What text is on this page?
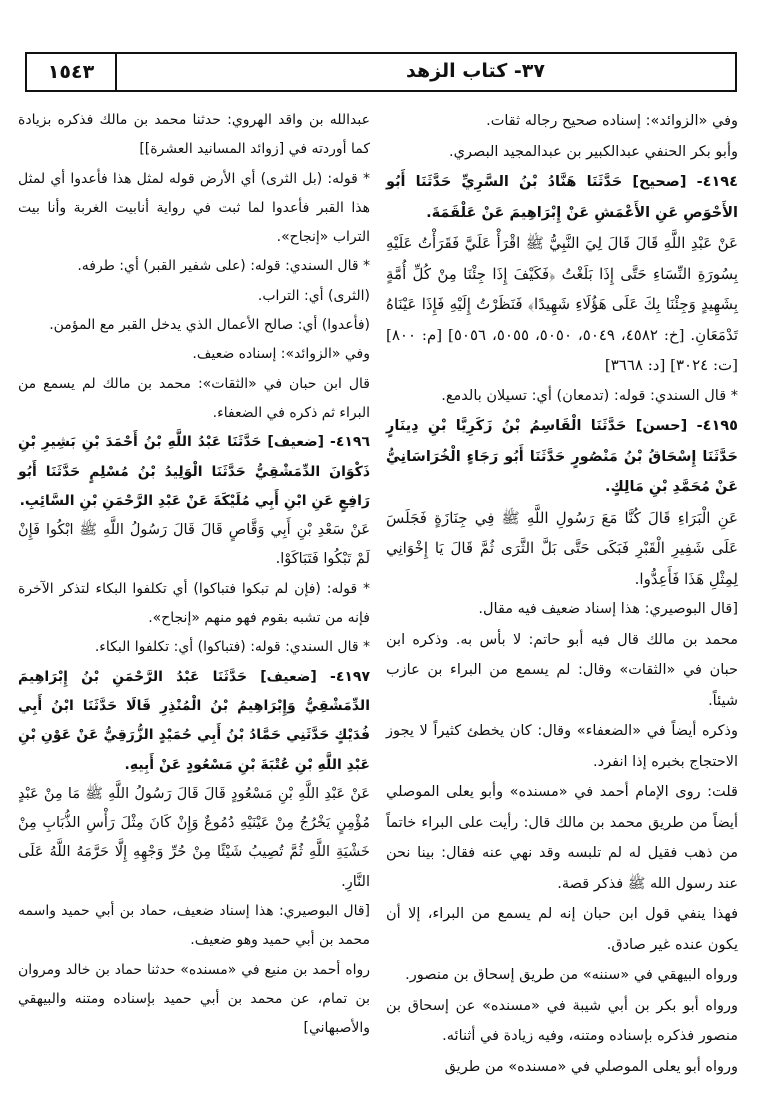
٣٧- كتاب الزهد
١٥٤٣

وفي «الزوائد»: إسناده صحيح رجاله ثقات.

وأبو بكر الحنفي عبدالكبير بن عبدالمجيد البصري.

٤١٩٤- [صحيح] حَدَّثَنَا هَنَّادُ بْنُ السَّرِيِّ حَدَّثَنَا أَبُو الأَحْوَصِ عَنِ الأَعْمَشِ عَنْ إِبْرَاهِيمَ عَنْ عَلْقَمَةَ.

عَنْ عَبْدِ اللَّهِ قَالَ قَالَ لِيَ النَّبِيُّ ﷺ اقْرَأْ عَلَيَّ فَقَرَأْتُ عَلَيْهِ بِسُورَةِ النِّسَاءِ حَتَّى إِذَا بَلَغْتُ ﴿فَكَيْفَ إِذَا جِئْنَا مِنْ كُلِّ أُمَّةٍ بِشَهِيدٍ وَجِئْنَا بِكَ عَلَى هَؤُلَاءِ شَهِيدًا﴾ فَنَظَرْتُ إِلَيْهِ فَإِذَا عَيْنَاهُ تَدْمَعَانِ. [خ: ٤٥٨٢، ٥٠٤٩، ٥٠٥٠، ٥٠٥٥، ٥٠٥٦] [م: ٨٠٠] [ت: ٣٠٢٤] [د: ٣٦٦٨]

* قال السندي: قوله: (تدمعان) أي: تسيلان بالدمع.

٤١٩٥- [حسن] حَدَّثَنَا الْقَاسِمُ بْنُ زَكَرِيَّا بْنِ دِينَارٍ حَدَّثَنَا إِسْحَاقُ بْنُ مَنْصُورٍ حَدَّثَنَا أَبُو رَجَاءٍ الْخُرَاسَانِيُّ عَنْ مُحَمَّدِ بْنِ مَالِكٍ.

عَنِ الْبَرَاءِ قَالَ كُنَّا مَعَ رَسُولِ اللَّهِ ﷺ فِي جِنَازَةٍ فَجَلَسَ عَلَى شَفِيرِ الْقَبْرِ فَبَكَى حَتَّى بَلَّ الثَّرَى ثُمَّ قَالَ يَا إِخْوَانِي لِمِثْلِ هَذَا فَأَعِدُّوا.

[قال البوصيري: هذا إسناد ضعيف فيه مقال.

محمد بن مالك قال فيه أبو حاتم: لا بأس به. وذكره ابن حبان في «الثقات» وقال: لم يسمع من البراء بن عازب شيئاً.

وذكره أيضاً في «الضعفاء» وقال: كان يخطئ كثيراً لا يجوز الاحتجاج بخبره إذا انفرد.

قلت: روى الإمام أحمد في «مسنده» وأبو يعلى الموصلي أيضاً من طريق محمد بن مالك قال: رأيت على البراء خاتماً من ذهب فقيل له لم تلبسه وقد نهي عنه فقال: بينا نحن عند رسول الله ﷺ فذكر قصة.

فهذا ينفي قول ابن حبان إنه لم يسمع من البراء، إلا أن يكون عنده غير صادق.

ورواه البيهقي في «سننه» من طريق إسحاق بن منصور.

ورواه أبو بكر بن أبي شيبة في «مسنده» عن إسحاق بن منصور فذكره بإسناده ومتنه، وفيه زيادة في أثنائه.

ورواه أبو يعلى الموصلي في «مسنده» من طريق

عبدالله بن واقد الهروي: حدثنا محمد بن مالك فذكره بزيادة كما أوردته في [زوائد المسانيد العشرة]]

* قوله: (بل الثرى) أي الأرض قوله لمثل هذا فأعدوا أي لمثل هذا القبر فأعدوا لما ثبت في رواية أنابيت الغربة وأنا بيت التراب «إنجاح».

* قال السندي: قوله: (على شفير القبر) أي: طرفه.

(الثرى) أي: التراب.

(فأعدوا) أي: صالح الأعمال الذي يدخل القبر مع المؤمن.

وفي «الزوائد»: إسناده ضعيف.

قال ابن حبان في «الثقات»: محمد بن مالك لم يسمع من البراء ثم ذكره في الضعفاء.

٤١٩٦- [ضعيف] حَدَّثَنَا عَبْدُ اللَّهِ بْنُ أَحْمَدَ بْنِ بَشِيرِ بْنِ ذَكْوَانَ الدِّمَشْقِيُّ حَدَّثَنَا الْوَلِيدُ بْنُ مُسْلِمٍ حَدَّثَنَا أَبُو رَافِعٍ عَنِ ابْنِ أَبِي مُلَيْكَةَ عَنْ عَبْدِ الرَّحْمَنِ بْنِ السَّائِبِ.

عَنْ سَعْدِ بْنِ أَبِي وَقَّاصٍ قَالَ قَالَ رَسُولُ اللَّهِ ﷺ ابْكُوا فَإِنْ لَمْ تَبْكُوا فَتَبَاكَوْا.

* قوله: (فإن لم تبكوا فتباكوا) أي تكلفوا البكاء لتذكر الآخرة فإنه من تشبه بقوم فهو منهم «إنجاح».

* قال السندي: قوله: (فتباكوا) أي: تكلفوا البكاء.

٤١٩٧- [ضعيف] حَدَّثَنَا عَبْدُ الرَّحْمَنِ بْنُ إِبْرَاهِيمَ الدِّمَشْقِيُّ وَإِبْرَاهِيمُ بْنُ الْمُنْذِرِ قَالَا حَدَّثَنَا ابْنُ أَبِي فُدَيْكٍ حَدَّثَنِي حَمَّادُ بْنُ أَبِي حُمَيْدٍ الزُّرَقِيُّ عَنْ عَوْنِ بْنِ عَبْدِ اللَّهِ بْنِ عُتْبَةَ بْنِ مَسْعُودٍ عَنْ أَبِيهِ.

عَنْ عَبْدِ اللَّهِ بْنِ مَسْعُودٍ قَالَ قَالَ رَسُولُ اللَّهِ ﷺ مَا مِنْ عَبْدٍ مُؤْمِنٍ يَخْرُجُ مِنْ عَيْنَيْهِ دُمُوعٌ وَإِنْ كَانَ مِثْلَ رَأْسِ الذُّبَابِ مِنْ خَشْيَةِ اللَّهِ ثُمَّ تُصِيبُ شَيْئًا مِنْ حُرِّ وَجْهِهِ إِلَّا حَرَّمَهُ اللَّهُ عَلَى النَّارِ.

[قال البوصيري: هذا إسناد ضعيف، حماد بن أبي حميد واسمه محمد بن أبي حميد وهو ضعيف.

رواه أحمد بن منيع في «مسنده» حدثنا حماد بن خالد ومروان بن تمام، عن محمد بن أبي حميد بإسناده ومتنه والبيهقي والأصبهاني]
